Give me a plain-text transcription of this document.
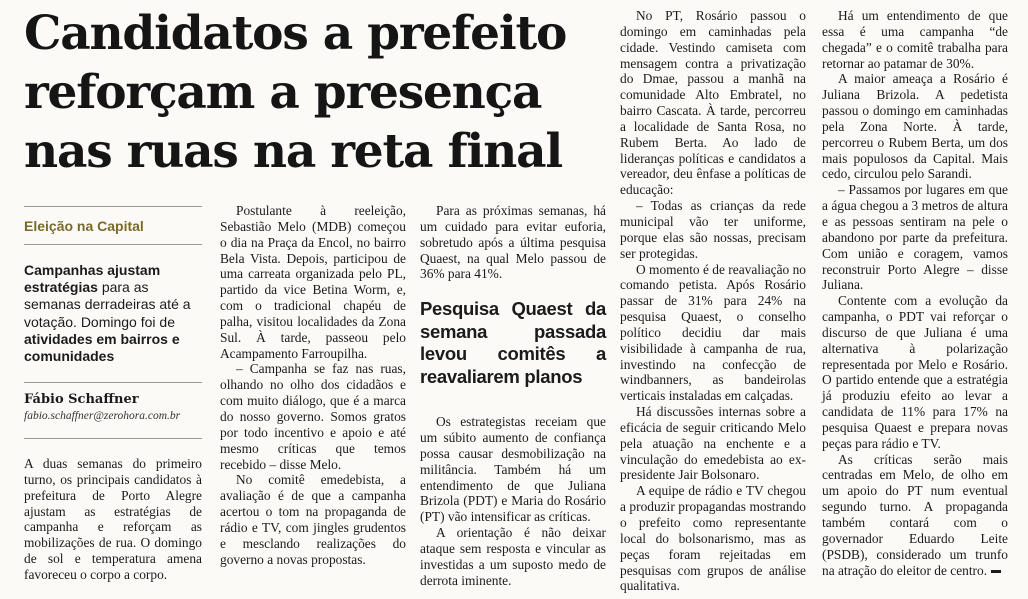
Candidatos a prefeito
reforçam a presença
nas ruas na reta final
Eleição na Capital
Campanhas ajustam estratégias para as semanas derradeiras até a votação. Domingo foi de atividades em bairros e comunidades
Fábio Schaffner
fabio.schaffner@zerohora.com.br

A duas semanas do primeiro turno, os principais candidatos à prefeitura de Porto Alegre ajustam as estratégias de campanha e reforçam as mobilizações de rua. O domingo de sol e temperatura amena favoreceu o corpo a corpo.

Postulante à reeleição, Sebastião Melo (MDB) começou o dia na Praça da Encol, no bairro Bela Vista. Depois, participou de uma carreata organizada pelo PL, partido da vice Betina Worm, e, com o tradicional chapéu de palha, visitou localidades da Zona Sul. À tarde, passeou pelo Acampamento Farroupilha.

– Campanha se faz nas ruas, olhando no olho dos cidadãos e com muito diálogo, que é a marca do nosso governo. Somos gratos por todo incentivo e apoio e até mesmo críticas que temos recebido – disse Melo.

No comitê emedebista, a avaliação é de que a campanha acertou o tom na propaganda de rádio e TV, com jingles grudentos e mesclando realizações do governo a novas propostas.

Para as próximas semanas, há um cuidado para evitar euforia, sobretudo após a última pesquisa Quaest, na qual Melo passou de 36% para 41%.

Pesquisa Quaest da semana passada levou comitês a reavaliarem planos

Os estrategistas receiam que um súbito aumento de confiança possa causar desmobilização na militância. Também há um entendimento de que Juliana Brizola (PDT) e Maria do Rosário (PT) vão intensificar as críticas.

A orientação é não deixar ataque sem resposta e vincular as investidas a um suposto medo de derrota iminente.

No PT, Rosário passou o domingo em caminhadas pela cidade. Vestindo camiseta com mensagem contra a privatização do Dmae, passou a manhã na comunidade Alto Embratel, no bairro Cascata. À tarde, percorreu a localidade de Santa Rosa, no Rubem Berta. Ao lado de lideranças políticas e candidatos a vereador, deu ênfase a políticas de educação:

– Todas as crianças da rede municipal vão ter uniforme, porque elas são nossas, precisam ser protegidas.

O momento é de reavaliação no comando petista. Após Rosário passar de 31% para 24% na pesquisa Quaest, o conselho político decidiu dar mais visibilidade à campanha de rua, investindo na confecção de windbanners, as bandeirolas verticais instaladas em calçadas.

Há discussões internas sobre a eficácia de seguir criticando Melo pela atuação na enchente e a vinculação do emedebista ao ex-presidente Jair Bolsonaro.

A equipe de rádio e TV chegou a produzir propagandas mostrando o prefeito como representante local do bolsonarismo, mas as peças foram rejeitadas em pesquisas com grupos de análise qualitativa.

Há um entendimento de que essa é uma campanha “de chegada” e o comitê trabalha para retornar ao patamar de 30%.

A maior ameaça a Rosário é Juliana Brizola. A pedetista passou o domingo em caminhadas pela Zona Norte. À tarde, percorreu o Rubem Berta, um dos mais populosos da Capital. Mais cedo, circulou pelo Sarandi.

– Passamos por lugares em que a água chegou a 3 metros de altura e as pessoas sentiram na pele o abandono por parte da prefeitura. Com união e coragem, vamos reconstruir Porto Alegre – disse Juliana.

Contente com a evolução da campanha, o PDT vai reforçar o discurso de que Juliana é uma alternativa à polarização representada por Melo e Rosário. O partido entende que a estratégia já produziu efeito ao levar a candidata de 11% para 17% na pesquisa Quaest e prepara novas peças para rádio e TV.

As críticas serão mais centradas em Melo, de olho em um apoio do PT num eventual segundo turno. A propaganda também contará com o governador Eduardo Leite (PSDB), considerado um trunfo na atração do eleitor de centro.
